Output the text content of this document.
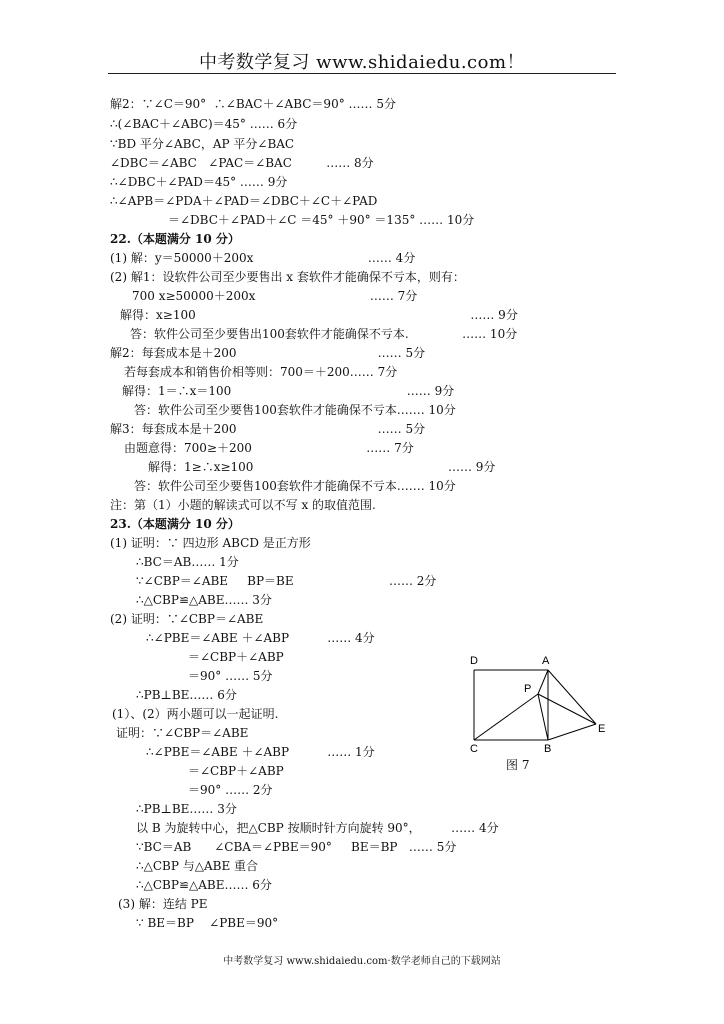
中考数学复习 www.shidaiedu.com！
解2：∵∠C＝90°  ∴∠BAC＋∠ABC＝90° …… 5分
∴(∠BAC＋∠ABC)＝45° …… 6分
∵BD 平分∠ABC，AP 平分∠BAC
∠DBC＝∠ABC   ∠PAC＝∠BAC         …… 8分
∴∠DBC＋∠PAD＝45° …… 9分
∴∠APB＝∠PDA＋∠PAD＝∠DBC＋∠C＋∠PAD
＝∠DBC＋∠PAD＋∠C ＝45° ＋90° ＝135° …… 10分
22.（本题满分 10 分）
(1) 解：y＝50000＋200x                              …… 4分
(2) 解1：设软件公司至少要售出 x 套软件才能确保不亏本，则有：
700 x≥50000＋200x                              …… 7分
解得：x≥100                                                                        …… 9分
答：软件公司至少要售出100套软件才能确保不亏本.              …… 10分
解2：每套成本是＋200                                     …… 5分
若每套成本和销售价相等则：700＝＋200…… 7分
解得：1＝∴x＝100                                              …… 9分
答：软件公司至少要售100套软件才能确保不亏本.…… 10分
解3：每套成本是＋200                                     …… 5分
由题意得：700≥＋200                              …… 7分
解得：1≥∴x≥100                                                   …… 9分
答：软件公司至少要售100套软件才能确保不亏本.…… 10分
注：第（1）小题的解读式可以不写 x 的取值范围.
23.（本题满分 10 分）
(1) 证明：∵ 四边形 ABCD 是正方形
∴BC＝AB…… 1分
∵∠CBP＝∠ABE     BP＝BE                         …… 2分
∴△CBP≌△ABE…… 3分
(2) 证明：∵∠CBP＝∠ABE
∴∠PBE＝∠ABE ＋∠ABP          …… 4分
＝∠CBP＋∠ABP
＝90° …… 5分
∴PB⊥BE…… 6分
(1）、(2）两小题可以一起证明.
证明：∵∠CBP＝∠ABE
∴∠PBE＝∠ABE ＋∠ABP          …… 1分
＝∠CBP＋∠ABP
＝90° …… 2分
∴PB⊥BE…… 3分
以 B 为旋转中心，把△CBP 按顺时针方向旋转 90°，        …… 4分
∵BC＝AB      ∠CBA＝∠PBE＝90°     BE＝BP   …… 5分
∴△CBP 与△ABE 重合
∴△CBP≌△ABE…… 6分
(3) 解：连结 PE
∵ BE＝BP    ∠PBE＝90°
D	A
P
E
C	B
图 7
中考数学复习 www.shidaiedu.com·数学老师自己的下载网站
